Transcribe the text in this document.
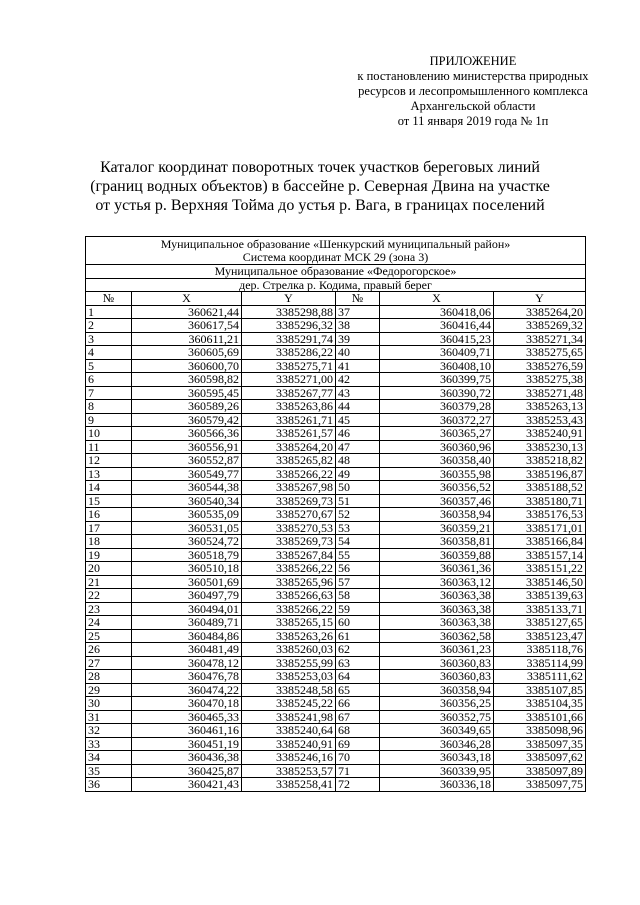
ПРИЛОЖЕНИЕ
к постановлению министерства природных
ресурсов и лесопромышленного комплекса
Архангельской области
от 11 января 2019 года № 1п
Каталог координат поворотных точек участков береговых линий
(границ водных объектов) в бассейне р. Северная Двина на участке
от устья р. Верхняя Тойма до устья р. Вага, в границах поселений
Муниципальное образование «Шенкурский муниципальный район»
Система координат МСК 29 (зона 3)					

Муниципальное образование «Федорогорское»					
дер. Стрелка р. Кодима, правый берег					
№	X	Y	№	X	Y
1	360621,44	3385298,88	37	360418,06	3385264,20
2	360617,54	3385296,32	38	360416,44	3385269,32
3	360611,21	3385291,74	39	360415,23	3385271,34
4	360605,69	3385286,22	40	360409,71	3385275,65
5	360600,70	3385275,71	41	360408,10	3385276,59
6	360598,82	3385271,00	42	360399,75	3385275,38
7	360595,45	3385267,77	43	360390,72	3385271,48
8	360589,26	3385263,86	44	360379,28	3385263,13
9	360579,42	3385261,71	45	360372,27	3385253,43
10	360566,36	3385261,57	46	360365,27	3385240,91
11	360556,91	3385264,20	47	360360,96	3385230,13
12	360552,87	3385265,82	48	360358,40	3385218,82
13	360549,77	3385266,22	49	360355,98	3385196,87
14	360544,38	3385267,98	50	360356,52	3385188,52
15	360540,34	3385269,73	51	360357,46	3385180,71
16	360535,09	3385270,67	52	360358,94	3385176,53
17	360531,05	3385270,53	53	360359,21	3385171,01
18	360524,72	3385269,73	54	360358,81	3385166,84
19	360518,79	3385267,84	55	360359,88	3385157,14
20	360510,18	3385266,22	56	360361,36	3385151,22
21	360501,69	3385265,96	57	360363,12	3385146,50
22	360497,79	3385266,63	58	360363,38	3385139,63
23	360494,01	3385266,22	59	360363,38	3385133,71
24	360489,71	3385265,15	60	360363,38	3385127,65
25	360484,86	3385263,26	61	360362,58	3385123,47
26	360481,49	3385260,03	62	360361,23	3385118,76
27	360478,12	3385255,99	63	360360,83	3385114,99
28	360476,78	3385253,03	64	360360,83	3385111,62
29	360474,22	3385248,58	65	360358,94	3385107,85
30	360470,18	3385245,22	66	360356,25	3385104,35
31	360465,33	3385241,98	67	360352,75	3385101,66
32	360461,16	3385240,64	68	360349,65	3385098,96
33	360451,19	3385240,91	69	360346,28	3385097,35
34	360436,38	3385246,16	70	360343,18	3385097,62
35	360425,87	3385253,57	71	360339,95	3385097,89
36	360421,43	3385258,41	72	360336,18	3385097,75
